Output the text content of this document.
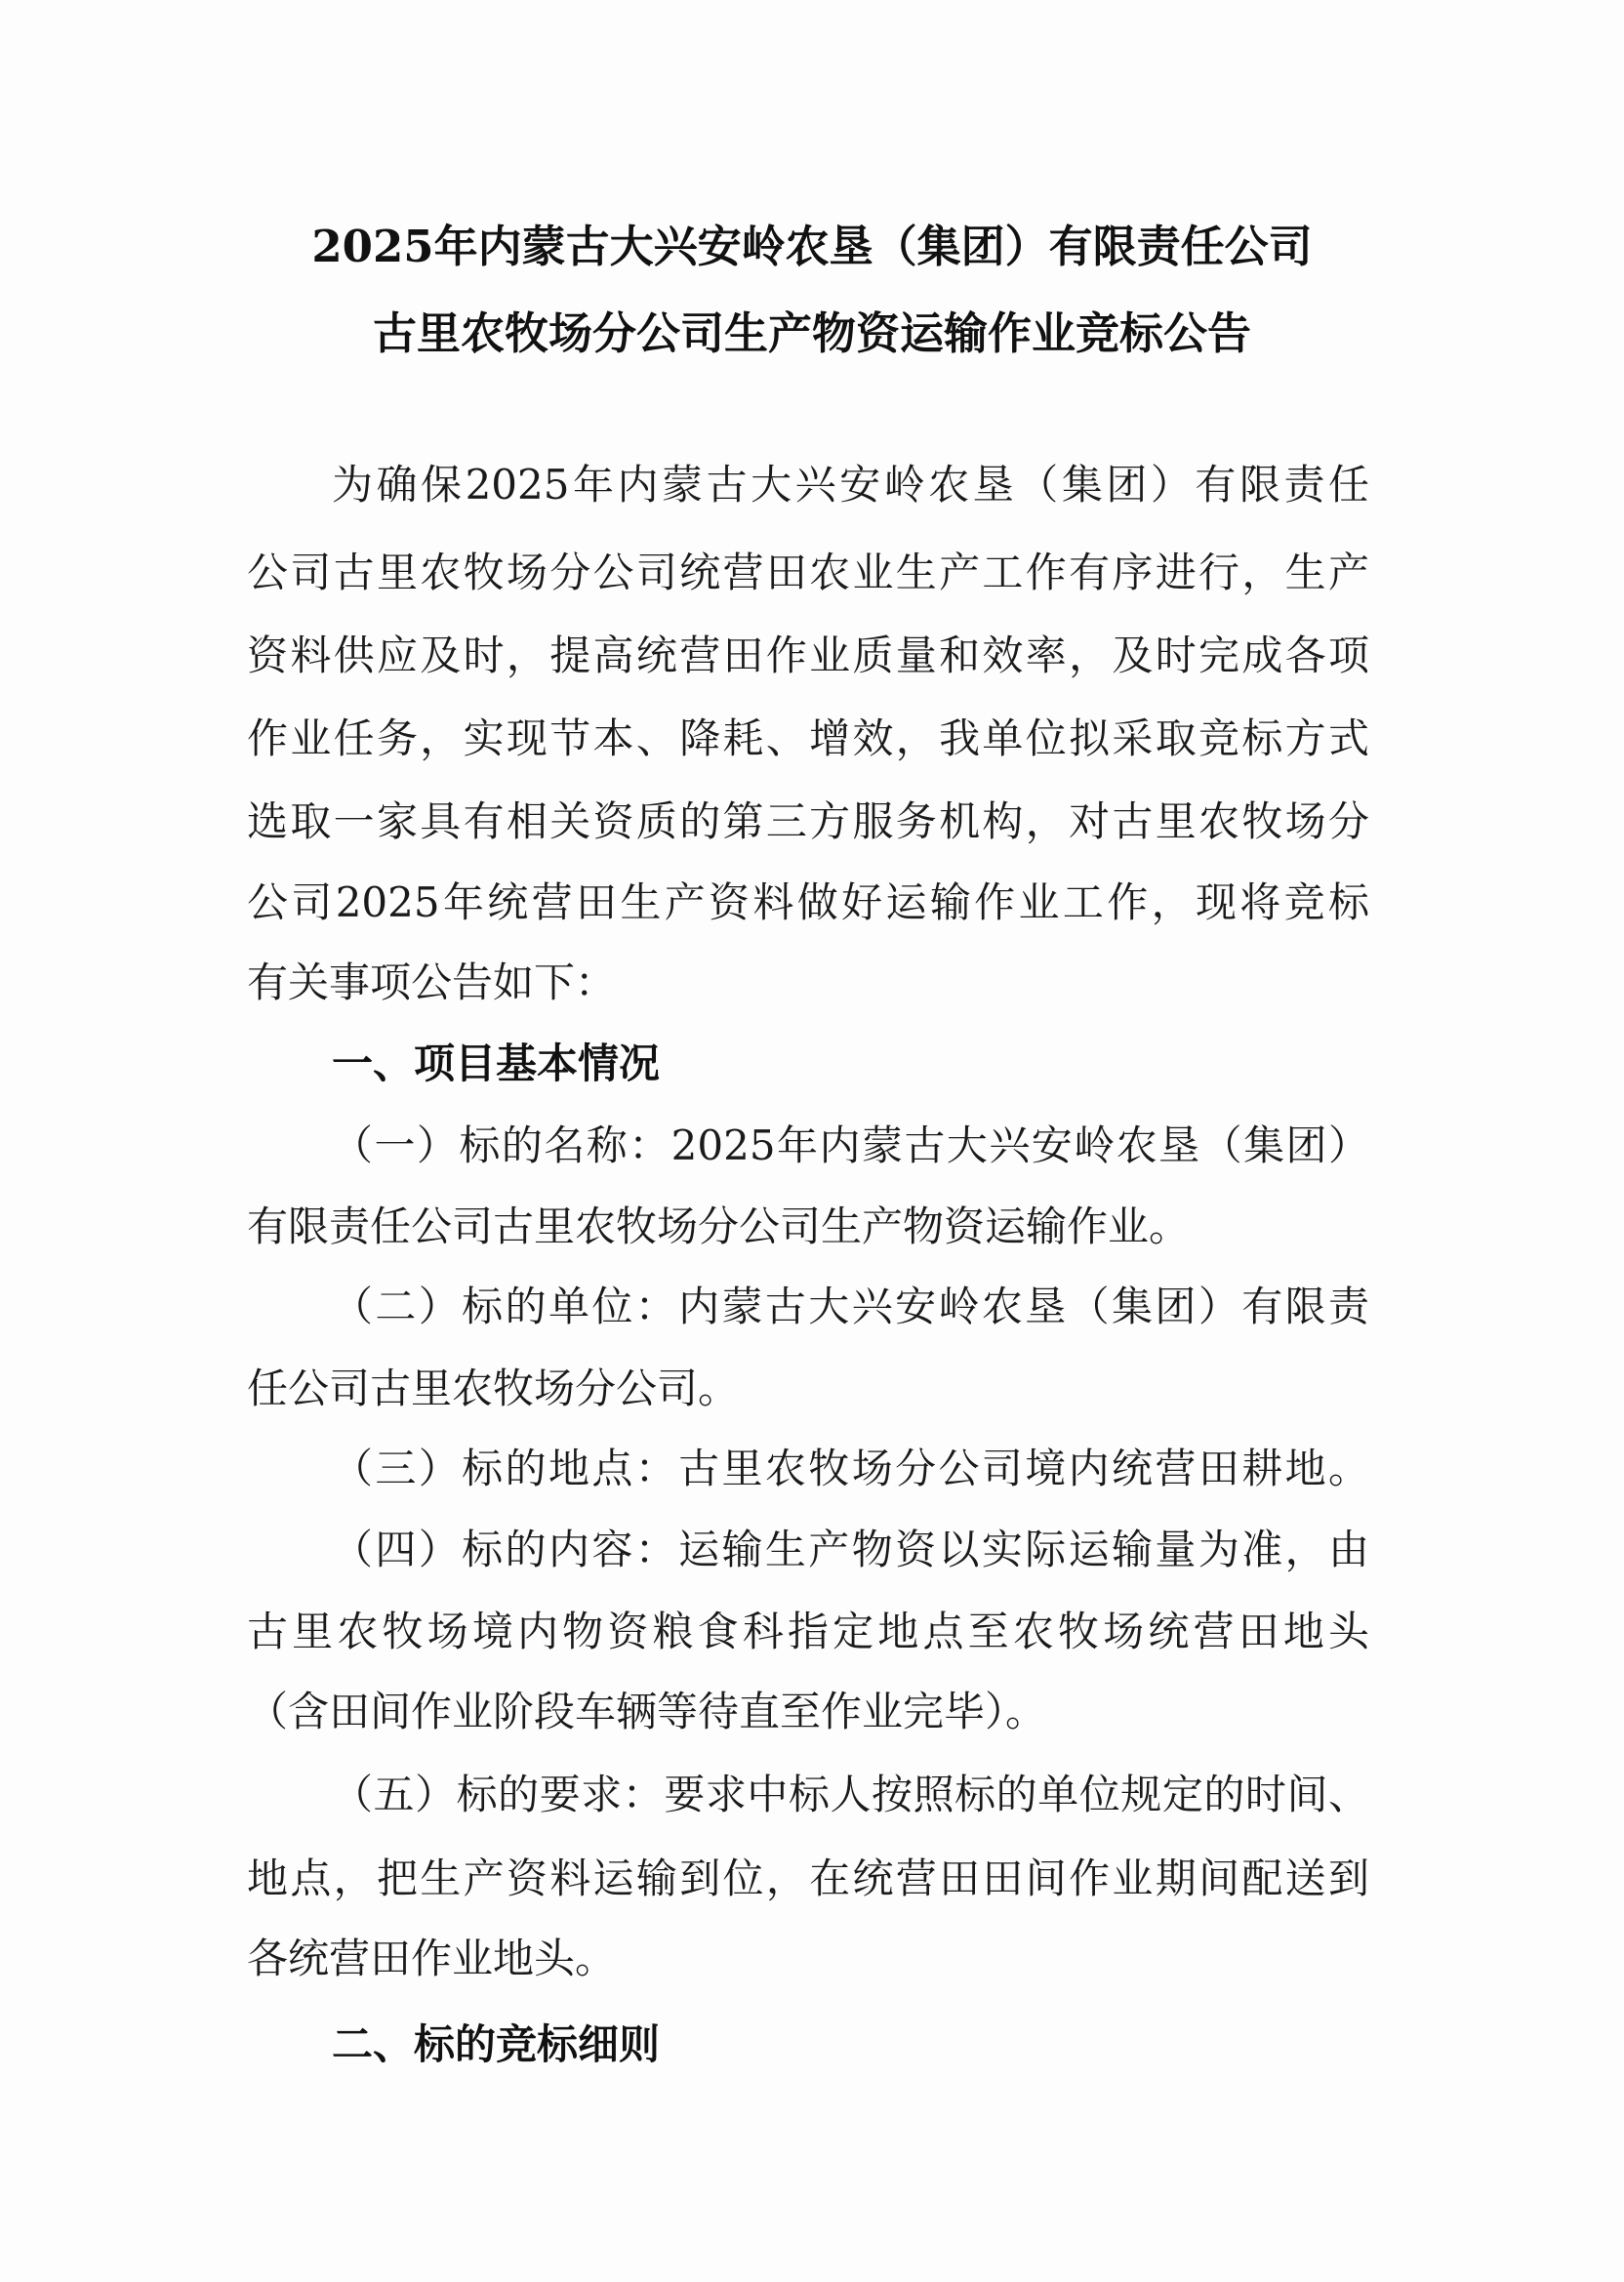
2025年内蒙古大兴安岭农垦（集团）有限责任公司
古里农牧场分公司生产物资运输作业竞标公告
为确保2025年内蒙古大兴安岭农垦（集团）有限责任
公司古里农牧场分公司统营田农业生产工作有序进行，生产
资料供应及时，提高统营田作业质量和效率，及时完成各项
作业任务，实现节本、降耗、增效，我单位拟采取竞标方式
选取一家具有相关资质的第三方服务机构，对古里农牧场分
公司2025年统营田生产资料做好运输作业工作，现将竞标
有关事项公告如下：
一、项目基本情况
（一）标的名称：2025年内蒙古大兴安岭农垦（集团）
有限责任公司古里农牧场分公司生产物资运输作业。
（二）标的单位：内蒙古大兴安岭农垦（集团）有限责
任公司古里农牧场分公司。
（三）标的地点：古里农牧场分公司境内统营田耕地。
（四）标的内容：运输生产物资以实际运输量为准，由
古里农牧场境内物资粮食科指定地点至农牧场统营田地头
（含田间作业阶段车辆等待直至作业完毕）。
（五）标的要求：要求中标人按照标的单位规定的时间、
地点，把生产资料运输到位，在统营田田间作业期间配送到
各统营田作业地头。
二、标的竞标细则
